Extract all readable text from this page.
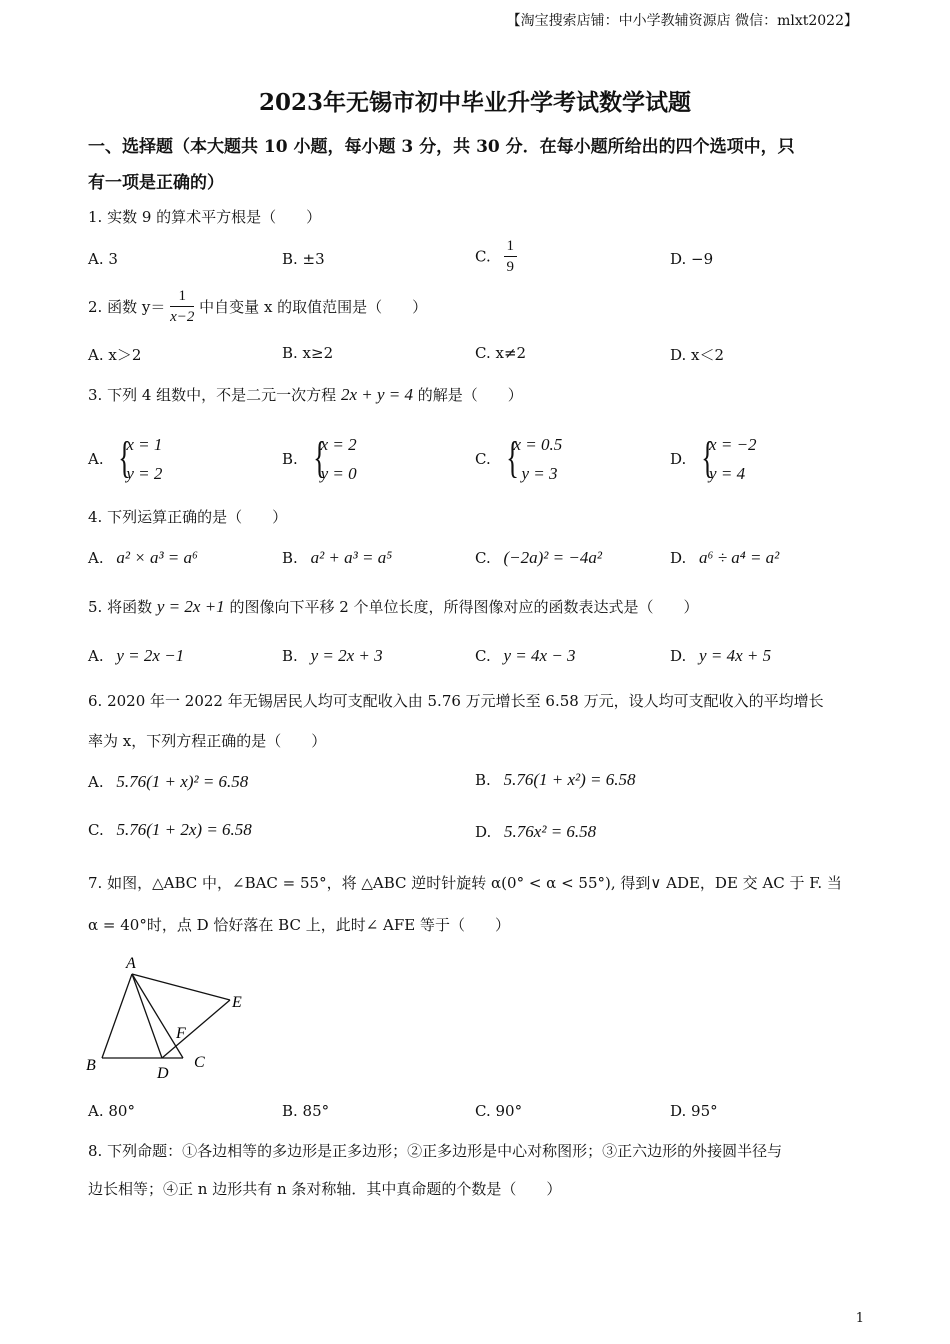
【淘宝搜索店铺：中小学教辅资源店 微信：mlxt2022】
2023年无锡市初中毕业升学考试数学试题
一、选择题（本大题共 10 小题，每小题 3 分，共 30 分．在每小题所给出的四个选项中，只
有一项是正确的）
1. 实数 9 的算术平方根是（　　）
A. 3	B. ±3	C. $\frac{1}{9}$	D. −9
2. 函数 $y= \frac{1}{x-2}$ 中自变量 x 的取值范围是（　　）
A. x＞2	B. x≥2	C. x≠2	D. x＜2
3. 下列 4 组数中，不是二元一次方程 2x + y = 4 的解是（　　）
A. {
x = 1
y = 2
B. {
x = 2
y = 0
C. {
x = 0.5
y = 3
D. {
x = −2
y = 4
4. 下列运算正确的是（　　）
A. a² × a³ = a⁶	B. a² + a³ = a⁵	C. (−2a)² = −4a²	D. a⁶ ÷ a⁴ = a²
5. 将函数 y = 2x +1 的图像向下平移 2 个单位长度，所得图像对应的函数表达式是（　　）
A. y = 2x −1	B. y = 2x + 3	C. y = 4x − 3	D. y = 4x + 5
6. 2020 年一 2022 年无锡居民人均可支配收入由 5.76 万元增长至 6.58 万元，设人均可支配收入的平均增长
率为 x，下列方程正确的是（　　）
A. 5.76(1 + x)² = 6.58	B. 5.76(1 + x²) = 6.58
C. 5.76(1 + 2x) = 6.58	D. 5.76x² = 6.58
7. 如图，△ABC 中，∠BAC = 55°，将 △ABC 逆时针旋转 α(0° < α < 55°), 得到∨ ADE，DE 交 AC 于 F. 当
α = 40°时，点 D 恰好落在 BC 上，此时∠ AFE 等于（　　）
A
B	C
D
E
F
A. 80°	B. 85°	C. 90°	D. 95°
8. 下列命题：①各边相等的多边形是正多边形；②正多边形是中心对称图形；③正六边形的外接圆半径与
边长相等；④正 n 边形共有 n 条对称轴．其中真命题的个数是（　　）
1
